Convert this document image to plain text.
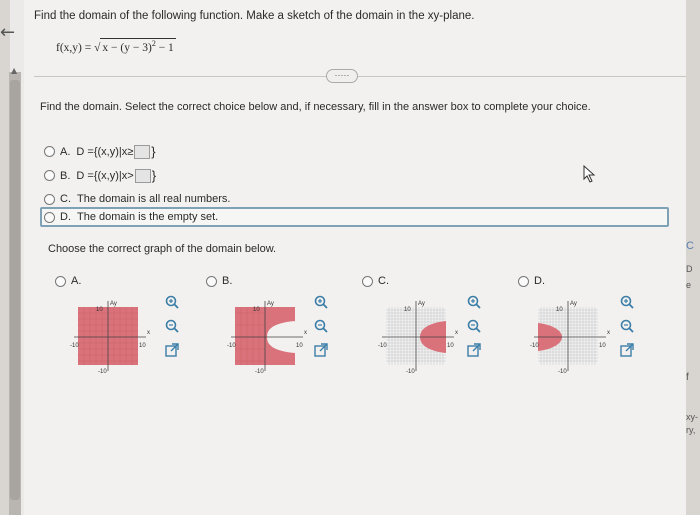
←
▲
C
D
e
f
xy-
ry,
Find the domain of the following function. Make a sketch of the domain in the xy-plane.
f(x,y) = √ $x - (y - 3)^2 - 1$
·····
Find the domain. Select the correct choice below and, if necessary, fill in the answer box to complete your choice.
A. D = {(x,y)|x≥ }
B. D = {(x,y)|x> }
C. The domain is all real numbers.
D. The domain is the empty set.
Choose the correct graph of the domain below.
A.
Ay
x
10
10
-10
-10
B.
Ay
x
10
10
-10
-10
C.
Ay
x
10
10
-10
-10
D.
Ay
x
10
10
-10
-10
